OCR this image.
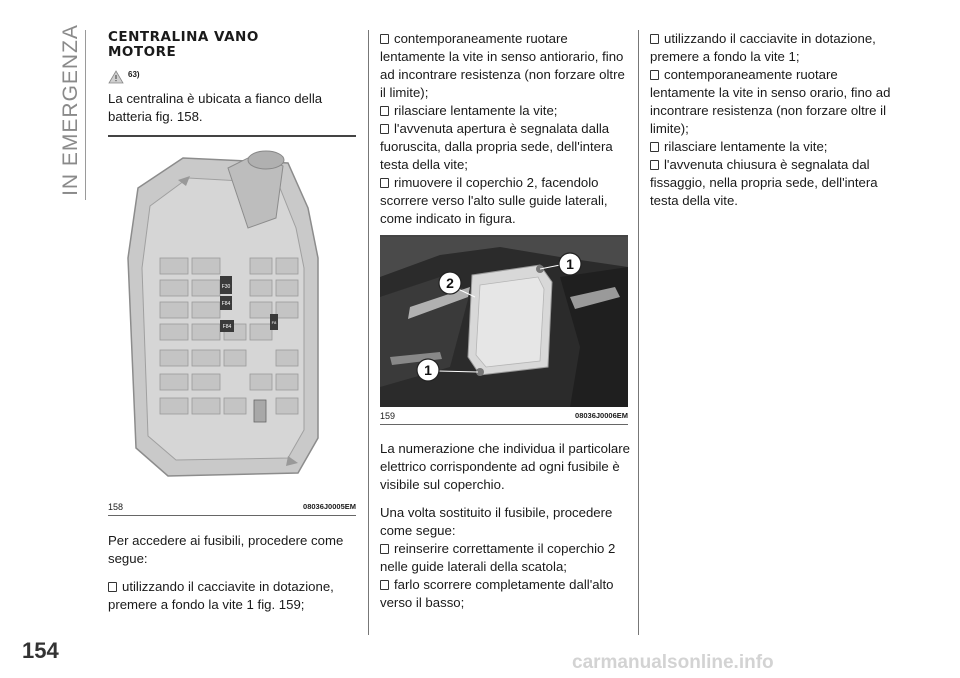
IN EMERGENZA
154
CENTRALINA VANO
MOTORE
63)

La centralina è ubicata a fianco della batteria fig. 158.

F30
F84
F84
F8
158	08036J0005EM

Per accedere ai fusibili, procedere come segue:

utilizzando il cacciavite in dotazione, premere a fondo la vite 1 fig. 159;

contemporaneamente ruotare lentamente la vite in senso antiorario, fino ad incontrare resistenza (non forzare oltre il limite);

rilasciare lentamente la vite;

l'avvenuta apertura è segnalata dalla fuoruscita, dalla propria sede, dell'intera testa della vite;

rimuovere il coperchio 2, facendolo scorrere verso l'alto sulle guide laterali, come indicato in figura.

1
2
1
159	08036J0006EM

La numerazione che individua il particolare elettrico corrispondente ad ogni fusibile è visibile sul coperchio.

Una volta sostituito il fusibile, procedere come segue:

reinserire correttamente il coperchio 2 nelle guide laterali della scatola;

farlo scorrere completamente dall'alto verso il basso;

utilizzando il cacciavite in dotazione, premere a fondo la vite 1;

contemporaneamente ruotare lentamente la vite in senso orario, fino ad incontrare resistenza (non forzare oltre il limite);

rilasciare lentamente la vite;

l'avvenuta chiusura è segnalata dal fissaggio, nella propria sede, dell'intera testa della vite.

carmanualsonline.info
